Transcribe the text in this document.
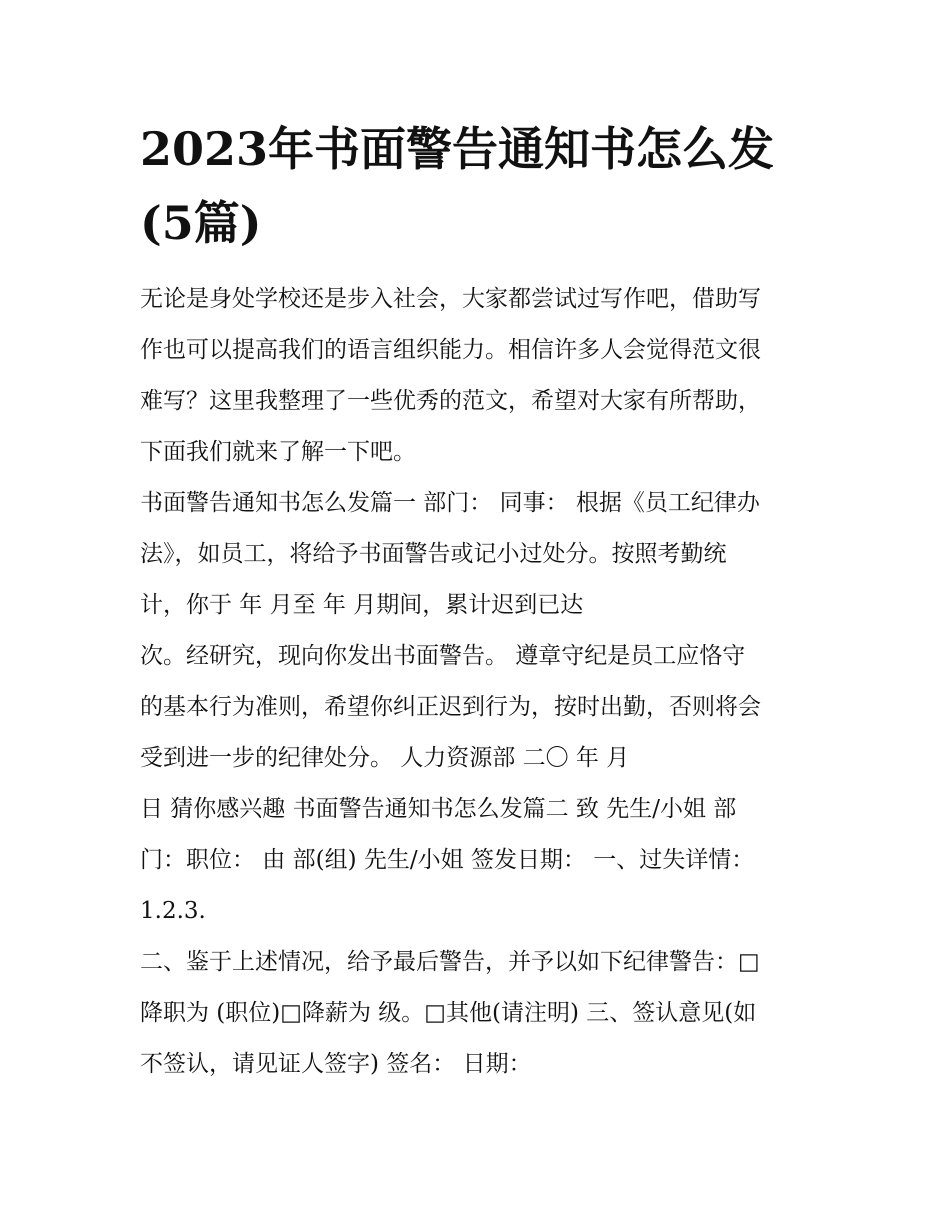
2023年书面警告通知书怎么发
(5篇)
无论是身处学校还是步入社会，大家都尝试过写作吧，借助写
作也可以提高我们的语言组织能力。相信许多人会觉得范文很
难写？这里我整理了一些优秀的范文，希望对大家有所帮助，
下面我们就来了解一下吧。
书面警告通知书怎么发篇一 部门： 同事： 根据《员工纪律办
法》，如员工，将给予书面警告或记小过处分。按照考勤统
计，你于 年 月至 年 月期间，累计迟到已达
次。经研究，现向你发出书面警告。 遵章守纪是员工应恪守
的基本行为准则，希望你纠正迟到行为，按时出勤，否则将会
受到进一步的纪律处分。 人力资源部 二〇 年 月
日 猜你感兴趣 书面警告通知书怎么发篇二 致 先生/小姐 部
门：职位： 由 部(组) 先生/小姐 签发日期： 一、过失详情：
1.2.3.
二、鉴于上述情况，给予最后警告，并予以如下纪律警告：□
降职为 (职位)□降薪为 级。□其他(请注明) 三、签认意见(如
不签认，请见证人签字) 签名： 日期：
